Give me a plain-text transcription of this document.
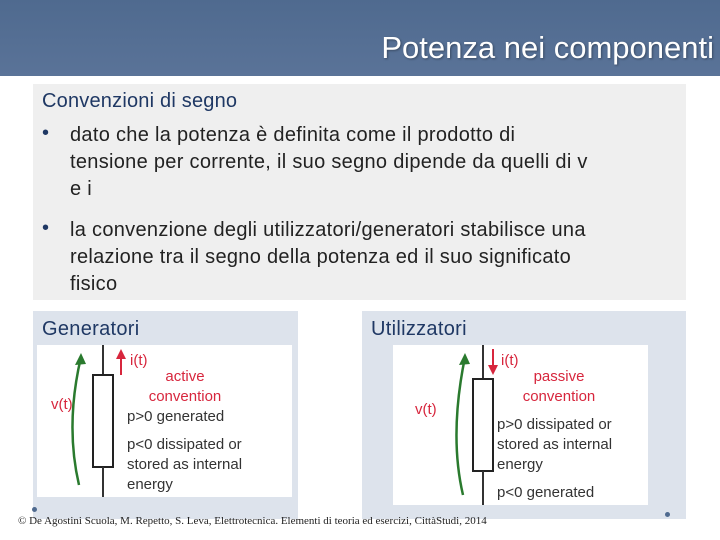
Potenza nei componenti
Convenzioni di segno
• dato che la potenza è definita come il prodotto di
tensione per corrente, il suo segno dipende da quelli di v
e i
• la convenzione degli utilizzatori/generatori stabilisce una
relazione tra il segno della potenza ed il suo significato
fisico
Generatori
v(t)
i(t)
active
convention
p>0 generated
p<0 dissipated or
stored as internal
energy
Utilizzatori
v(t)
i(t)
passive
convention
p>0 dissipated or
stored as internal
energy
p<0 generated
© De Agostini Scuola, M. Repetto, S. Leva, Elettrotecnica. Elementi di teoria ed esercizi, CittàStudi, 2014
